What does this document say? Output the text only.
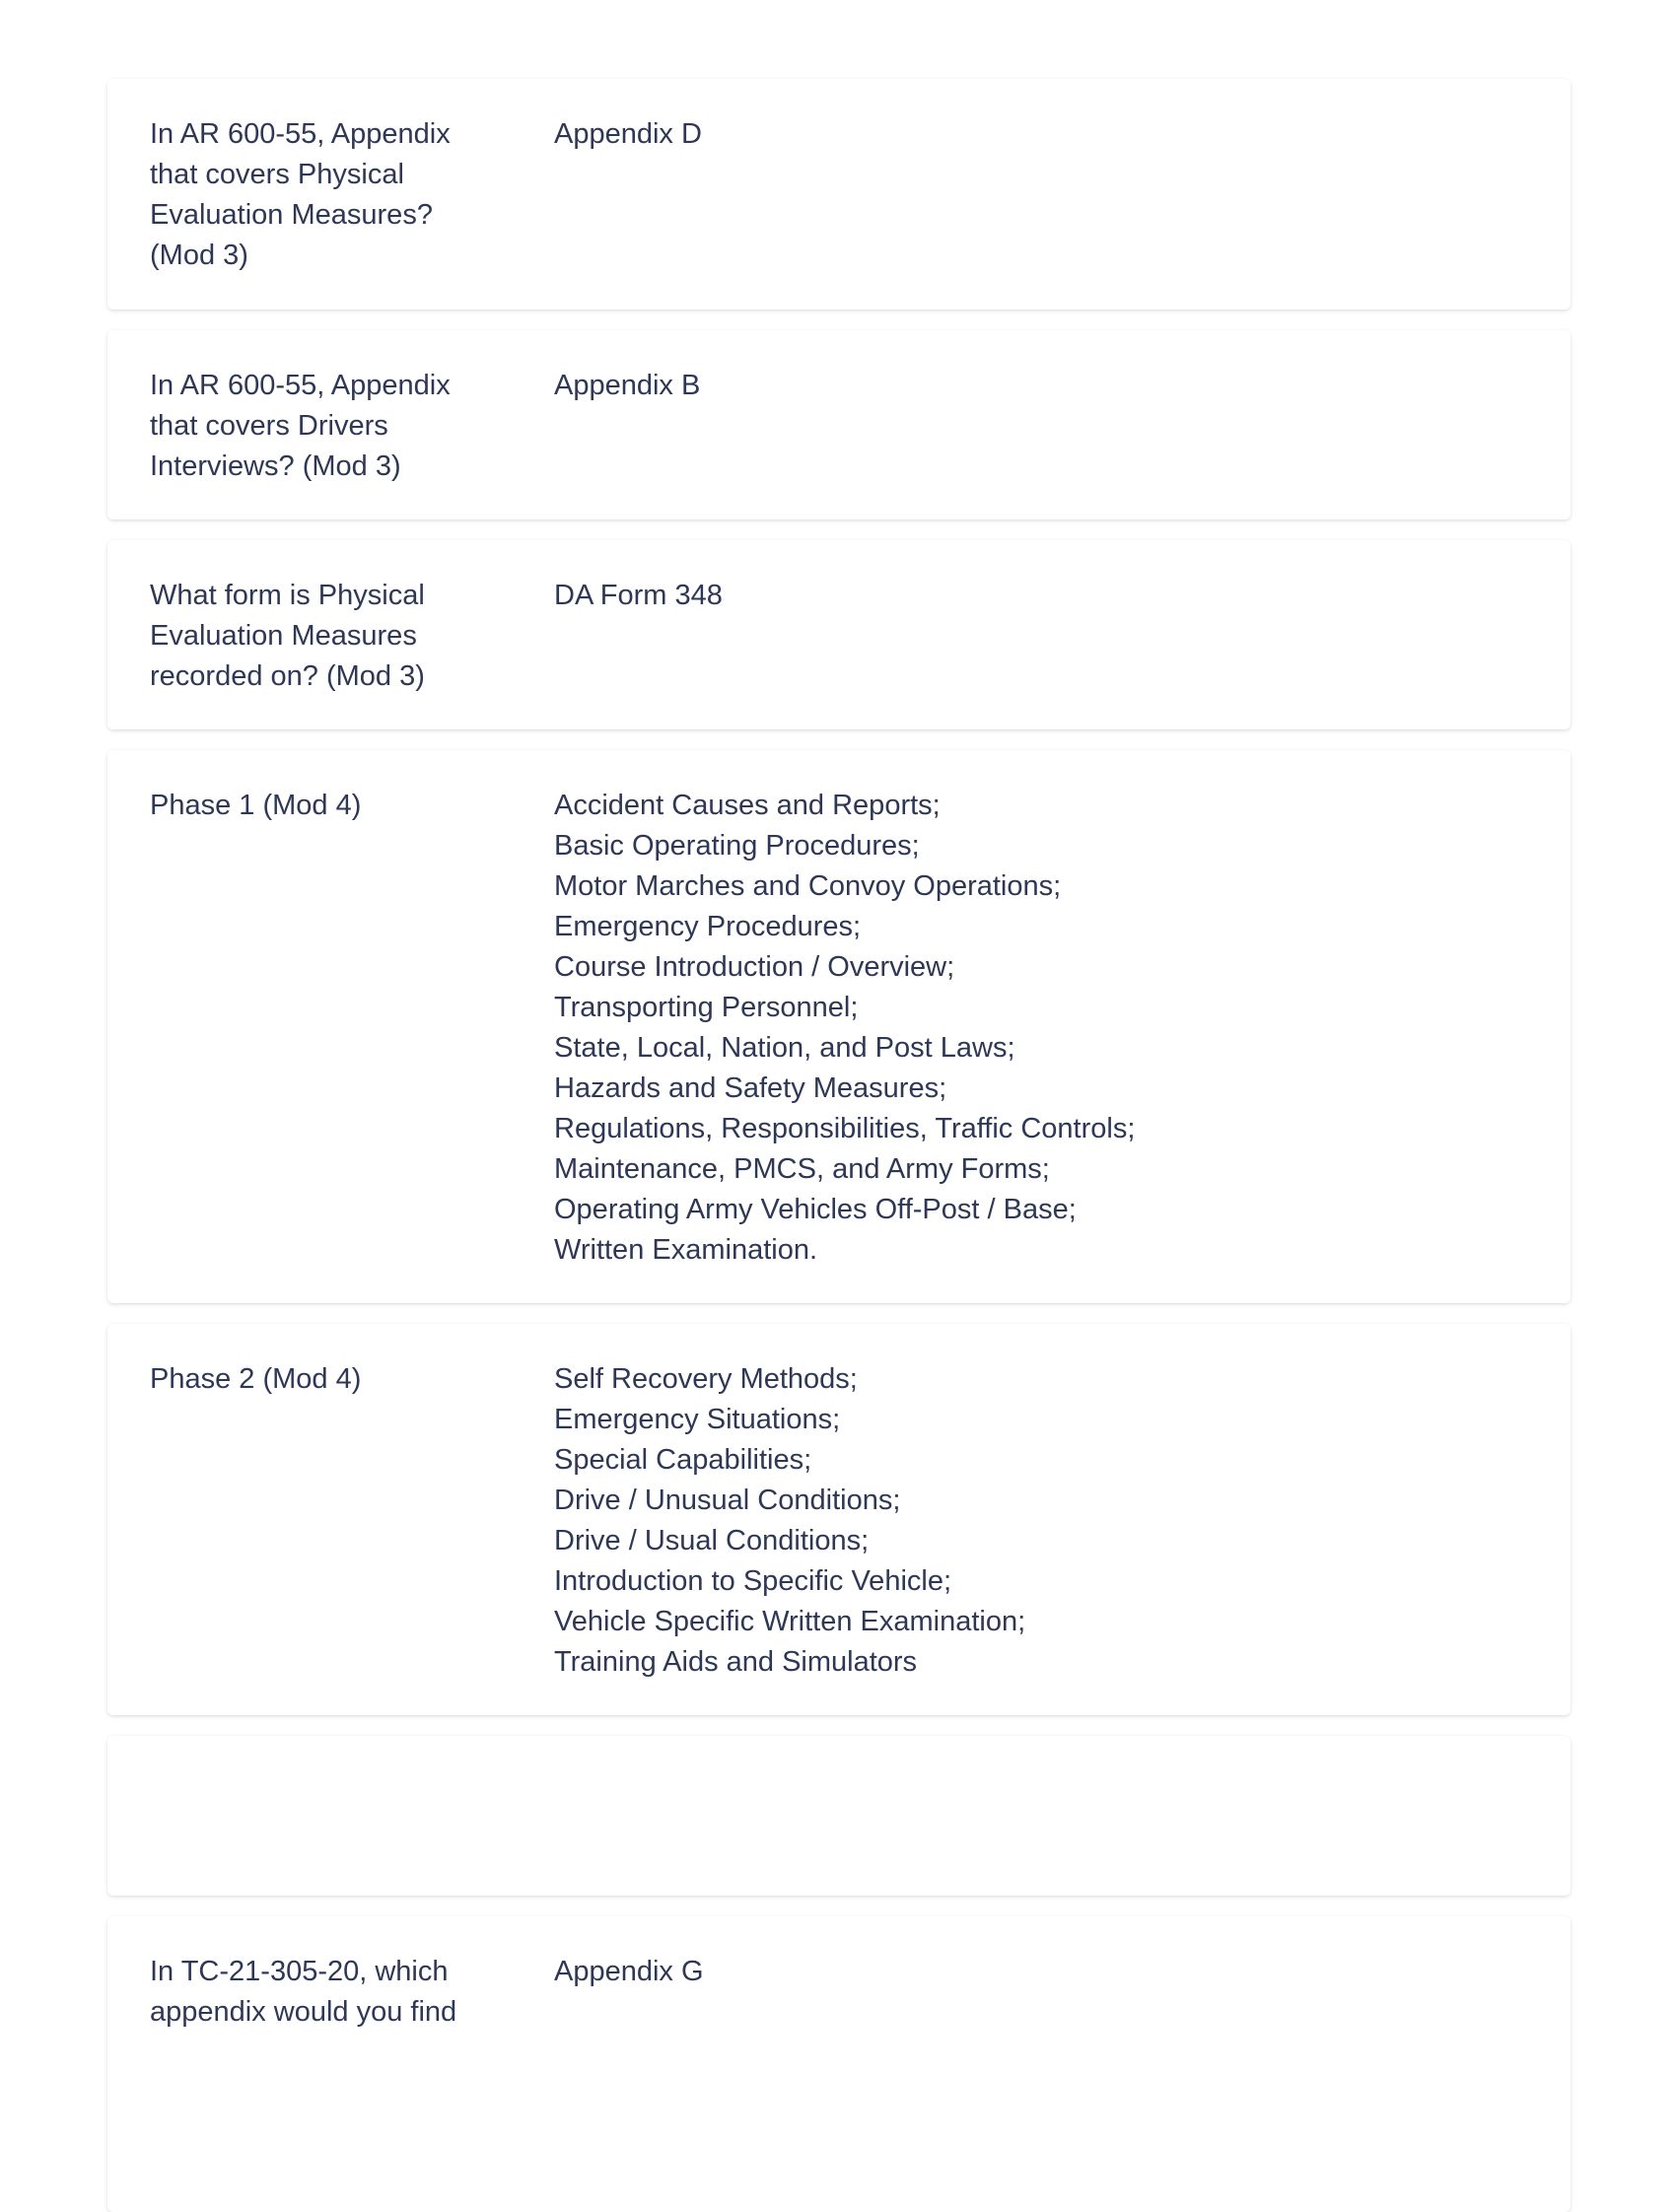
In AR 600-55, Appendix that covers Physical Evaluation Measures? (Mod 3)
Appendix D
In AR 600-55, Appendix that covers Drivers Interviews? (Mod 3)
Appendix B
What form is Physical Evaluation Measures recorded on? (Mod 3)
DA Form 348
Phase 1 (Mod 4)	Accident Causes and Reports;
Basic Operating Procedures;
Motor Marches and Convoy Operations;
Emergency Procedures;
Course Introduction / Overview;
Transporting Personnel;
State, Local, Nation, and Post Laws;
Hazards and Safety Measures;
Regulations, Responsibilities, Traffic Controls;
Maintenance, PMCS, and Army Forms;
Operating Army Vehicles Off-Post / Base;
Written Examination.
Phase 2 (Mod 4)	Self Recovery Methods;
Emergency Situations;
Special Capabilities;
Drive / Unusual Conditions;
Drive / Usual Conditions;
Introduction to Specific Vehicle;
Vehicle Specific Written Examination;
Training Aids and Simulators
In TC-21-305-20, which appendix would you find
Appendix G
